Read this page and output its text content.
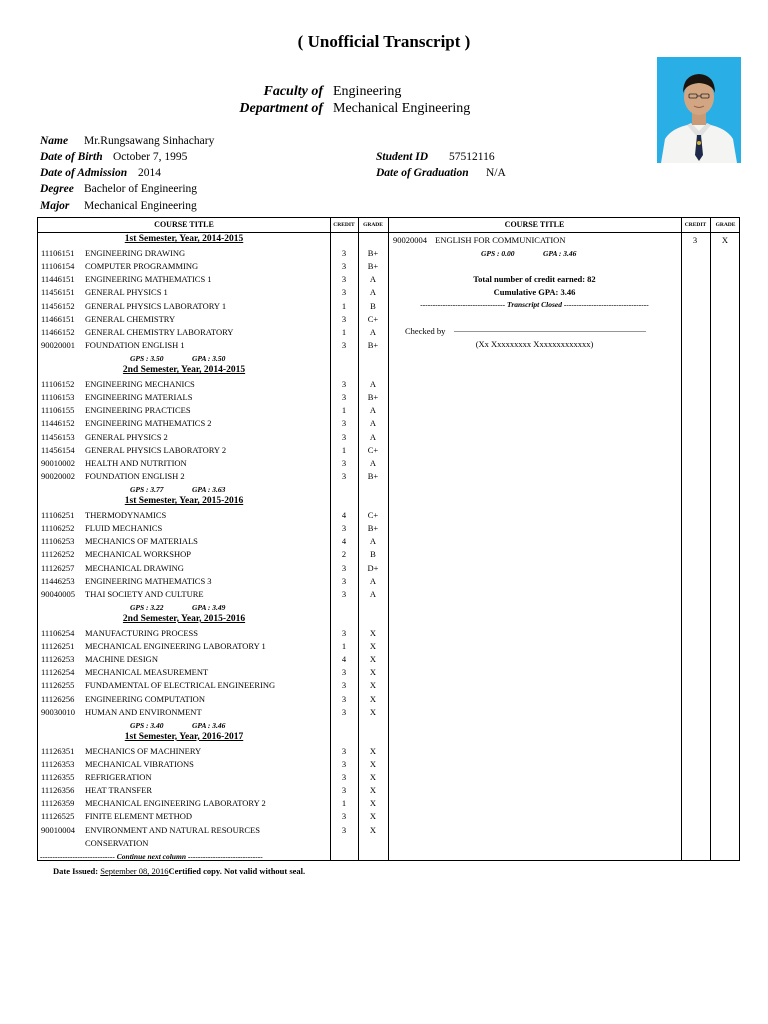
( Unofficial Transcript )
Faculty of Engineering
Department of Mechanical Engineering
Name Mr.Rungsawang Sinhachary
Date of Birth October 7, 1995
Date of Admission 2014
Degree Bachelor of Engineering
Major Mechanical Engineering
Student ID 57512116
Date of Graduation N/A
COURSE TITLE	CREDIT	GRADE	COURSE TITLE	CREDIT	GRADE
1st Semester, Year, 2014-2015
11106151	ENGINEERING DRAWING	3	B+
11106154	COMPUTER PROGRAMMING	3	B+
11446151	ENGINEERING MATHEMATICS 1	3	A
11456151	GENERAL PHYSICS 1	3	A
11456152	GENERAL PHYSICS LABORATORY 1	1	B
11466151	GENERAL CHEMISTRY	3	C+
11466152	GENERAL CHEMISTRY LABORATORY	1	A
90020001	FOUNDATION ENGLISH 1	3	B+
GPS : 3.50	GPA : 3.50
2nd Semester, Year, 2014-2015
11106152	ENGINEERING MECHANICS	3	A
11106153	ENGINEERING MATERIALS	3	B+
11106155	ENGINEERING PRACTICES	1	A
11446152	ENGINEERING MATHEMATICS 2	3	A
11456153	GENERAL PHYSICS 2	3	A
11456154	GENERAL PHYSICS LABORATORY 2	1	C+
90010002	HEALTH AND NUTRITION	3	A
90020002	FOUNDATION ENGLISH 2	3	B+
GPS : 3.77	GPA : 3.63
1st Semester, Year, 2015-2016
11106251	THERMODYNAMICS	4	C+
11106252	FLUID MECHANICS	3	B+
11106253	MECHANICS OF MATERIALS	4	A
11126252	MECHANICAL WORKSHOP	2	B
11126257	MECHANICAL DRAWING	3	D+
11446253	ENGINEERING MATHEMATICS 3	3	A
90040005	THAI SOCIETY AND CULTURE	3	A
GPS : 3.22	GPA : 3.49
2nd Semester, Year, 2015-2016
11106254	MANUFACTURING PROCESS	3	X
11126251	MECHANICAL ENGINEERING LABORATORY 1	1	X
11126253	MACHINE DESIGN	4	X
11126254	MECHANICAL MEASUREMENT	3	X
11126255	FUNDAMENTAL OF ELECTRICAL ENGINEERING	3	X
11126256	ENGINEERING COMPUTATION	3	X
90030010	HUMAN AND ENVIRONMENT	3	X
GPS : 3.40	GPA : 3.46
1st Semester, Year, 2016-2017
11126351	MECHANICS OF MACHINERY	3	X
11126353	MECHANICAL VIBRATIONS	3	X
11126355	REFRIGERATION	3	X
11126356	HEAT TRANSFER	3	X
11126359	MECHANICAL ENGINEERING LABORATORY 2	1	X
11126525	FINITE ELEMENT METHOD	3	X
90010004	ENVIRONMENT AND NATURAL RESOURCES	3	X
CONSERVATION
------------------------------ Continue next column ------------------------------
90020004 ENGLISH FOR COMMUNICATION	3	X
GPS : 0.00	GPA : 3.46
Total number of credit earned: 82
Cumulative GPA: 3.46
---------------------------------- Transcript Closed ----------------------------------
Checked by ________________________________________________
(Xx Xxxxxxxxx Xxxxxxxxxxxxx)
Date Issued: September 08, 2016Certified copy. Not valid without seal.
